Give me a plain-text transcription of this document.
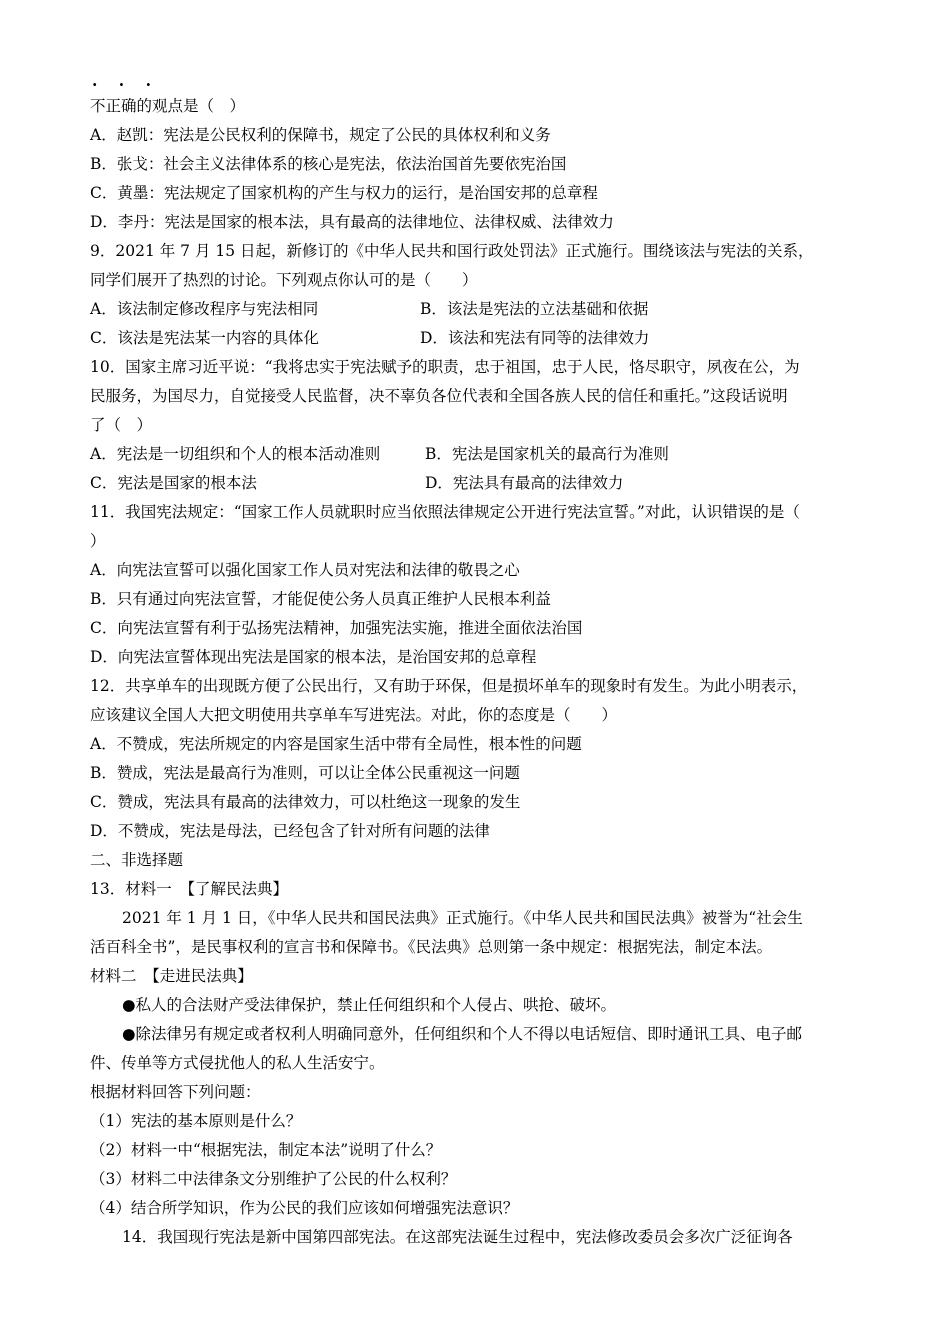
· · ·
不正确的观点是（　）
A．赵凯：宪法是公民权利的保障书，规定了公民的具体权利和义务
B．张戈：社会主义法律体系的核心是宪法，依法治国首先要依宪治国
C．黄墨：宪法规定了国家机构的产生与权力的运行，是治国安邦的总章程
D．李丹：宪法是国家的根本法，具有最高的法律地位、法律权威、法律效力
9．2021 年 7 月 15 日起，新修订的《中华人民共和国行政处罚法》正式施行。围绕该法与宪法的关系，
同学们展开了热烈的讨论。下列观点你认可的是（　　）
A．该法制定修改程序与宪法相同	B．该法是宪法的立法基础和依据
C．该法是宪法某一内容的具体化	D．该法和宪法有同等的法律效力
10．国家主席习近平说：“我将忠实于宪法赋予的职责，忠于祖国，忠于人民，恪尽职守，夙夜在公，为
民服务，为国尽力，自觉接受人民监督，决不辜负各位代表和全国各族人民的信任和重托。”这段话说明
了（　）
A．宪法是一切组织和个人的根本活动准则	B．宪法是国家机关的最高行为准则
C．宪法是国家的根本法	D．宪法具有最高的法律效力
11．我国宪法规定：“国家工作人员就职时应当依照法律规定公开进行宪法宣誓。”对此，认识错误的是（
）
A．向宪法宣誓可以强化国家工作人员对宪法和法律的敬畏之心
B．只有通过向宪法宣誓，才能促使公务人员真正维护人民根本利益
C．向宪法宣誓有利于弘扬宪法精神，加强宪法实施，推进全面依法治国
D．向宪法宣誓体现出宪法是国家的根本法，是治国安邦的总章程
12．共享单车的出现既方便了公民出行，又有助于环保，但是损坏单车的现象时有发生。为此小明表示，
应该建议全国人大把文明使用共享单车写进宪法。对此，你的态度是（　　）
A．不赞成，宪法所规定的内容是国家生活中带有全局性，根本性的问题
B．赞成，宪法是最高行为准则，可以让全体公民重视这一问题
C．赞成，宪法具有最高的法律效力，可以杜绝这一现象的发生
D．不赞成，宪法是母法，已经包含了针对所有问题的法律
二、非选择题
13．材料一　【了解民法典】
2021 年 1 月 1 日，《中华人民共和国民法典》正式施行。《中华人民共和国民法典》被誉为“社会生
活百科全书”，是民事权利的宣言书和保障书。《民法典》总则第一条中规定：根据宪法，制定本法。
材料二　【走进民法典】
●私人的合法财产受法律保护，禁止任何组织和个人侵占、哄抢、破坏。
●除法律另有规定或者权利人明确同意外，任何组织和个人不得以电话短信、即时通讯工具、电子邮
件、传单等方式侵扰他人的私人生活安宁。
根据材料回答下列问题：
（1）宪法的基本原则是什么？
（2）材料一中“根据宪法，制定本法”说明了什么？
（3）材料二中法律条文分别维护了公民的什么权利？
（4）结合所学知识，作为公民的我们应该如何增强宪法意识？
14．我国现行宪法是新中国第四部宪法。在这部宪法诞生过程中，宪法修改委员会多次广泛征询各
